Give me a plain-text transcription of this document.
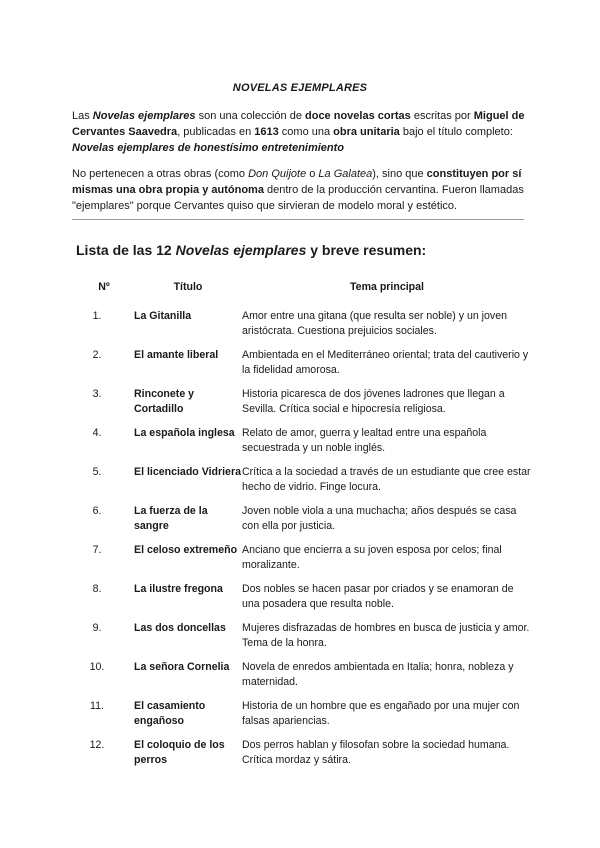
NOVELAS EJEMPLARES
Las Novelas ejemplares son una colección de doce novelas cortas escritas por Miguel de Cervantes Saavedra, publicadas en 1613 como una obra unitaria bajo el título completo:  Novelas ejemplares de honestísimo entretenimiento
No pertenecen a otras obras (como Don Quijote o La Galatea), sino que constituyen por sí mismas una obra propia y autónoma dentro de la producción cervantina. Fueron llamadas "ejemplares" porque Cervantes quiso que sirvieran de modelo moral y estético.
Lista de las 12 Novelas ejemplares y breve resumen:
Nº	Título	Tema principal
1.	La Gitanilla	Amor entre una gitana (que resulta ser noble) y un joven aristócrata. Cuestiona prejuicios sociales.
2.	El amante liberal	Ambientada en el Mediterráneo oriental; trata del cautiverio y la fidelidad amorosa.
3.	Rinconete y Cortadillo	Historia picaresca de dos jóvenes ladrones que llegan a Sevilla. Crítica social e hipocresía religiosa.
4.	La española inglesa	Relato de amor, guerra y lealtad entre una española secuestrada y un noble inglés.
5.	El licenciado Vidriera	Crítica a la sociedad a través de un estudiante que cree estar hecho de vidrio. Finge locura.
6.	La fuerza de la sangre	Joven noble viola a una muchacha; años después se casa con ella por justicia.
7.	El celoso extremeño	Anciano que encierra a su joven esposa por celos; final moralizante.
8.	La ilustre fregona	Dos nobles se hacen pasar por criados y se enamoran de una posadera que resulta noble.
9.	Las dos doncellas	Mujeres disfrazadas de hombres en busca de justicia y amor. Tema de la honra.
10.	La señora Cornelia	Novela de enredos ambientada en Italia; honra, nobleza y maternidad.
11.	El casamiento engañoso	Historia de un hombre que es engañado por una mujer con falsas apariencias.
12.	El coloquio de los perros	Dos perros hablan y filosofan sobre la sociedad humana. Crítica mordaz y sátira.
